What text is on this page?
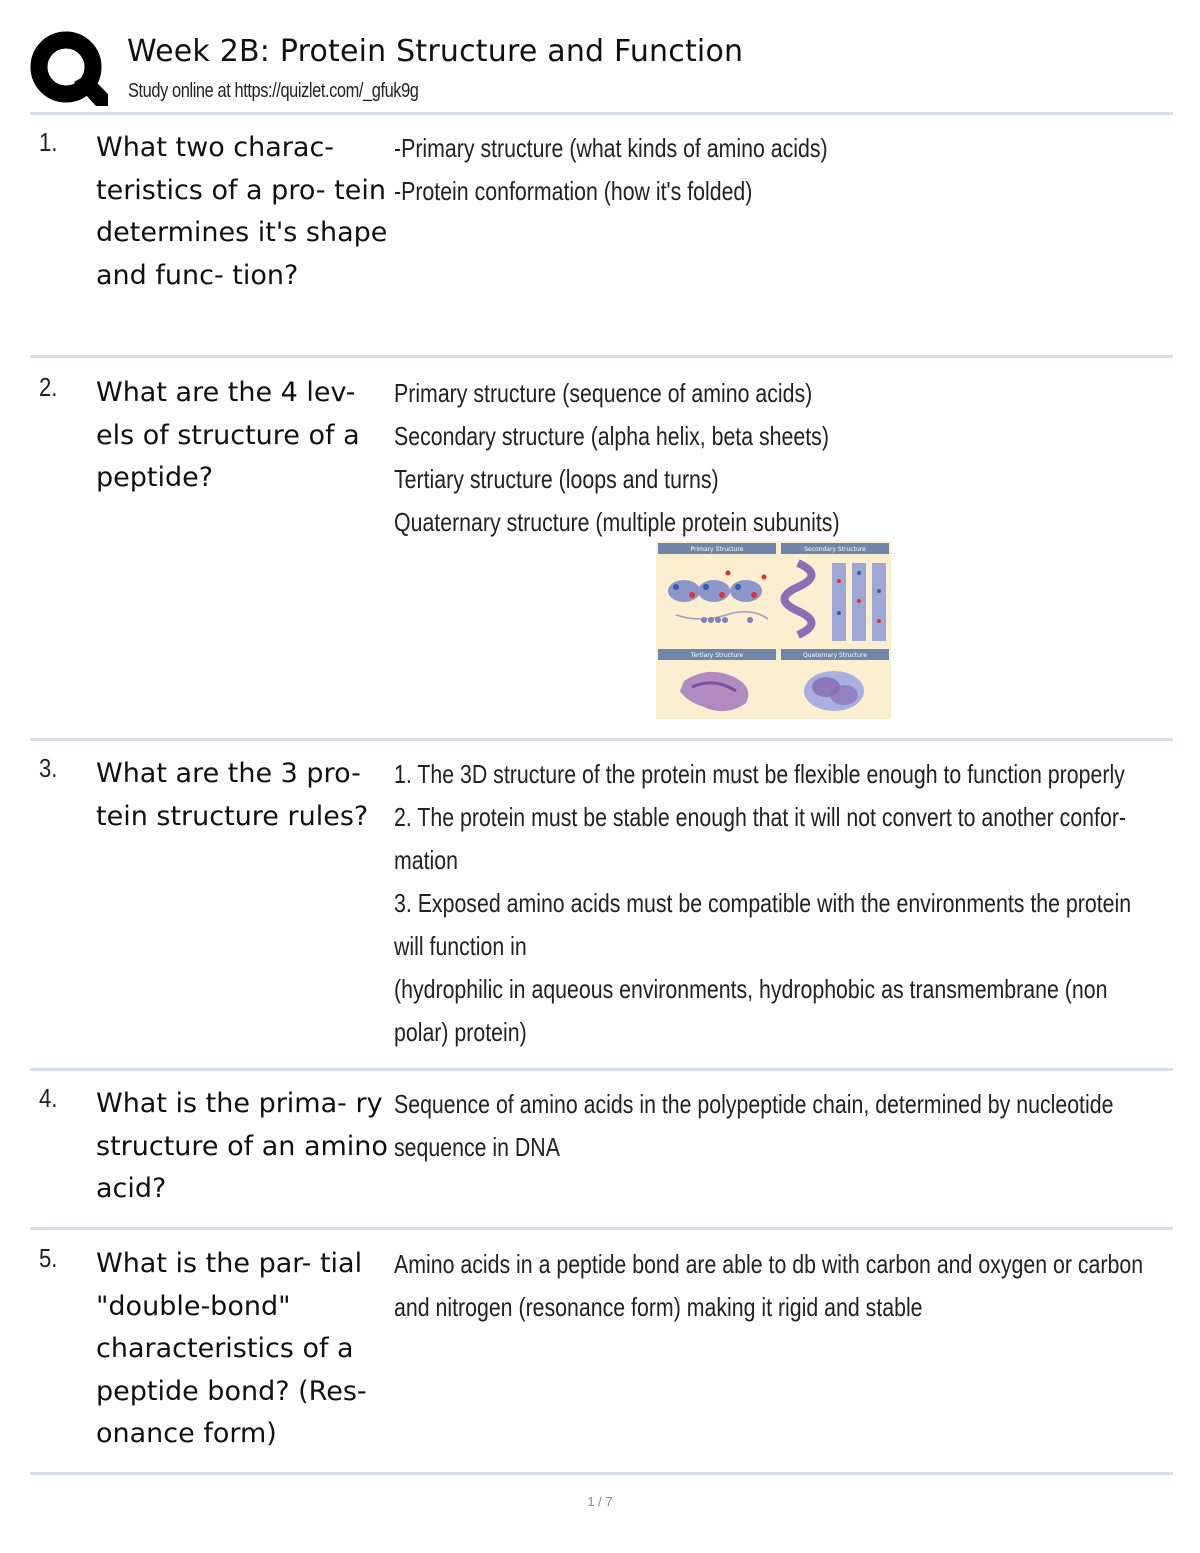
Week 2B: Protein Structure and Function
Study online at https://quizlet.com/_gfuk9g
1. What two charac- teristics of a pro- tein determines it's shape and func- tion?
-Primary structure (what kinds of amino acids)
-Protein conformation (how it's folded)
2. What are the 4 lev- els of structure of a peptide?
Primary structure (sequence of amino acids)
Secondary structure (alpha helix, beta sheets)
Tertiary structure (loops and turns)
Quaternary structure (multiple protein subunits)
Primary Structure	Secondary Structure
Tertiary Structure	Quaternary Structure
3. What are the 3 pro- tein structure rules?
1. The 3D structure of the protein must be flexible enough to function properly
2. The protein must be stable enough that it will not convert to another confor-
mation
3. Exposed amino acids must be compatible with the environments the protein
will function in
(hydrophilic in aqueous environments, hydrophobic as transmembrane (non
polar) protein)
4. What is the prima- ry structure of an amino acid?
Sequence of amino acids in the polypeptide chain, determined by nucleotide
sequence in DNA
5. What is the par- tial "double-bond" characteristics of a peptide bond? (Res- onance form)
Amino acids in a peptide bond are able to db with carbon and oxygen or carbon
and nitrogen (resonance form) making it rigid and stable
1 / 7
